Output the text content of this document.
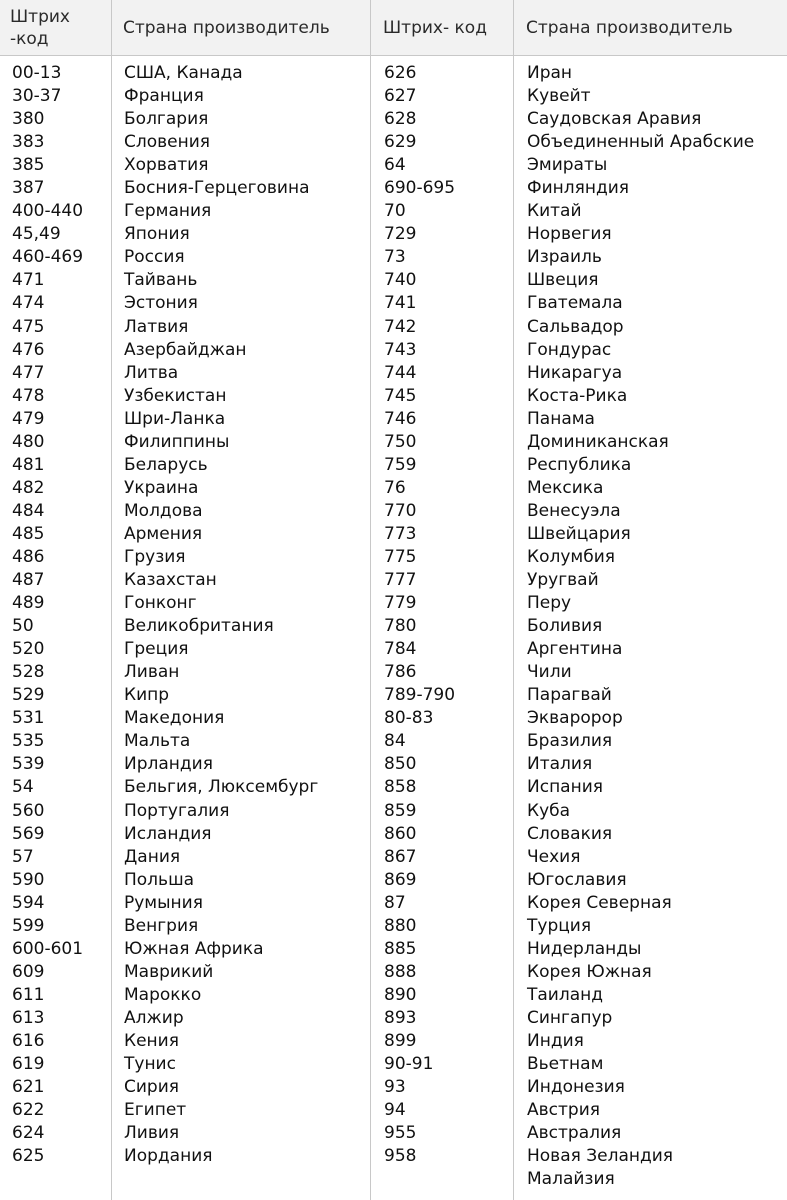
Штрих-код
Страна производитель	Штрих- код Страна производитель
00-13
30-37
380
383
385
387
400-440
45,49
460-469
471
474
475
476
477
478
479
480
481
482
484
485
486
487
489
50
520
528
529
531
535
539
54
560
569
57
590
594
599
600-601
609
611
613
616
619
621
622
624
625
США, Канада
Франция
Болгария
Словения
Хорватия
Босния-Герцеговина
Германия
Япония
Россия
Тайвань
Эстония
Латвия
Азербайджан
Литва
Узбекистан
Шри-Ланка
Филиппины
Беларусь
Украина
Молдова
Армения
Грузия
Казахстан
Гонконг
Великобритания
Греция
Ливан
Кипр
Македония
Мальта
Ирландия
Бельгия, Люксембург
Португалия
Исландия
Дания
Польша
Румыния
Венгрия
Южная Африка
Маврикий
Марокко
Алжир
Кения
Тунис
Сирия
Египет
Ливия
Иордания
626
627
628
629
64
690-695
70
729
73
740
741
742
743
744
745
746
750
759
76
770
773
775
777
779
780
784
786
789-790
80-83
84
850
858
859
860
867
869
87
880
885
888
890
893
899
90-91
93
94
955
958
Иран
Кувейт
Саудовская Аравия
Объединенный Арабские
Эмираты
Финляндия
Китай
Норвегия
Израиль
Швеция
Гватемала
Сальвадор
Гондурас
Никарагуа
Коста-Рика
Панама
Доминиканская
Республика
Мексика
Венесуэла
Швейцария
Колумбия
Уругвай
Перу
Боливия
Аргентина
Чили
Парагвай
Экваророр
Бразилия
Италия
Испания
Куба
Словакия
Чехия
Югославия
Корея Северная
Турция
Нидерланды
Корея Южная
Таиланд
Сингапур
Индия
Вьетнам
Индонезия
Австрия
Австралия
Новая Зеландия
Малайзия
